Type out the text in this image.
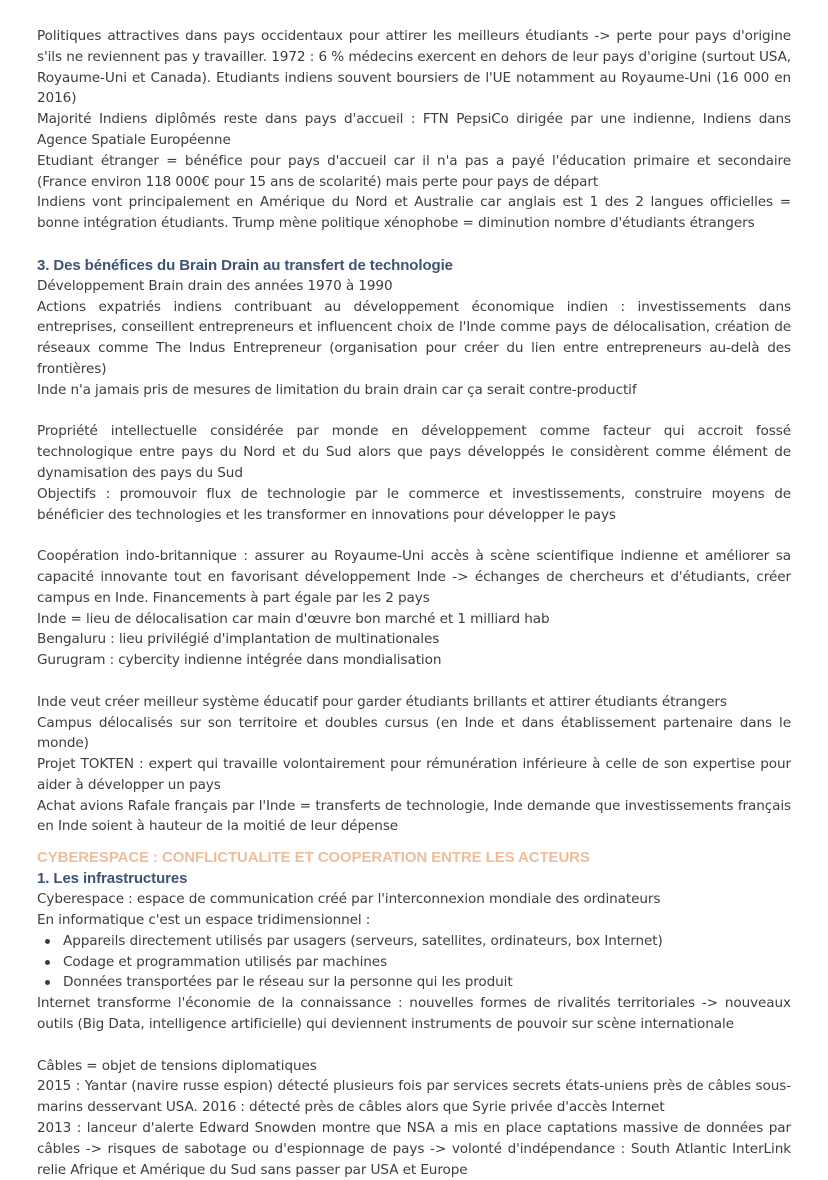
Politiques attractives dans pays occidentaux pour attirer les meilleurs étudiants -> perte pour pays d'origine s'ils ne reviennent pas y travailler. 1972 : 6 % médecins exercent en dehors de leur pays d'origine (surtout USA, Royaume-Uni et Canada). Etudiants indiens souvent boursiers de l'UE notamment au Royaume-Uni (16 000 en 2016)

Majorité Indiens diplômés reste dans pays d'accueil : FTN PepsiCo dirigée par une indienne, Indiens dans Agence Spatiale Européenne

Etudiant étranger = bénéfice pour pays d'accueil car il n'a pas a payé l'éducation primaire et secondaire (France environ 118 000€ pour 15 ans de scolarité) mais perte pour pays de départ

Indiens vont principalement en Amérique du Nord et Australie car anglais est 1 des 2 langues officielles = bonne intégration étudiants. Trump mène politique xénophobe = diminution nombre d'étudiants étrangers

3. Des bénéfices du Brain Drain au transfert de technologie

Développement Brain drain des années 1970 à 1990

Actions expatriés indiens contribuant au développement économique indien : investissements dans entreprises, conseillent entrepreneurs et influencent choix de l'Inde comme pays de délocalisation, création de réseaux comme The Indus Entrepreneur (organisation pour créer du lien entre entrepreneurs au-delà des frontières)

Inde n'a jamais pris de mesures de limitation du brain drain car ça serait contre-productif

Propriété intellectuelle considérée par monde en développement comme facteur qui accroit fossé technologique entre pays du Nord et du Sud alors que pays développés le considèrent comme élément de dynamisation des pays du Sud

Objectifs : promouvoir flux de technologie par le commerce et investissements, construire moyens de bénéficier des technologies et les transformer en innovations pour développer le pays

Coopération indo-britannique : assurer au Royaume-Uni accès à scène scientifique indienne et améliorer sa capacité innovante tout en favorisant développement Inde -> échanges de chercheurs et d'étudiants, créer campus en Inde. Financements à part égale par les 2 pays

Inde = lieu de délocalisation car main d'œuvre bon marché et 1 milliard hab

Bengaluru : lieu privilégié d'implantation de multinationales

Gurugram : cybercity indienne intégrée dans mondialisation

Inde veut créer meilleur système éducatif pour garder étudiants brillants et attirer étudiants étrangers

Campus délocalisés sur son territoire et doubles cursus (en Inde et dans établissement partenaire dans le monde)

Projet TOKTEN : expert qui travaille volontairement pour rémunération inférieure à celle de son expertise pour aider à développer un pays

Achat avions Rafale français par l'Inde = transferts de technologie, Inde demande que investissements français en Inde soient à hauteur de la moitié de leur dépense

CYBERESPACE : CONFLICTUALITE ET COOPERATION ENTRE LES ACTEURS
1. Les infrastructures

Cyberespace : espace de communication créé par l'interconnexion mondiale des ordinateurs

En informatique c'est un espace tridimensionnel :

Appareils directement utilisés par usagers (serveurs, satellites, ordinateurs, box Internet)
Codage et programmation utilisés par machines
Données transportées par le réseau sur la personne qui les produit

Internet transforme l'économie de la connaissance : nouvelles formes de rivalités territoriales -> nouveaux outils (Big Data, intelligence artificielle) qui deviennent instruments de pouvoir sur scène internationale

Câbles = objet de tensions diplomatiques

2015 : Yantar (navire russe espion) détecté plusieurs fois par services secrets états-uniens près de câbles sous-marins desservant USA. 2016 : détecté près de câbles alors que Syrie privée d'accès Internet

2013 : lanceur d'alerte Edward Snowden montre que NSA a mis en place captations massive de données par câbles -> risques de sabotage ou d'espionnage de pays -> volonté d'indépendance : South Atlantic InterLink relie Afrique et Amérique du Sud sans passer par USA et Europe
